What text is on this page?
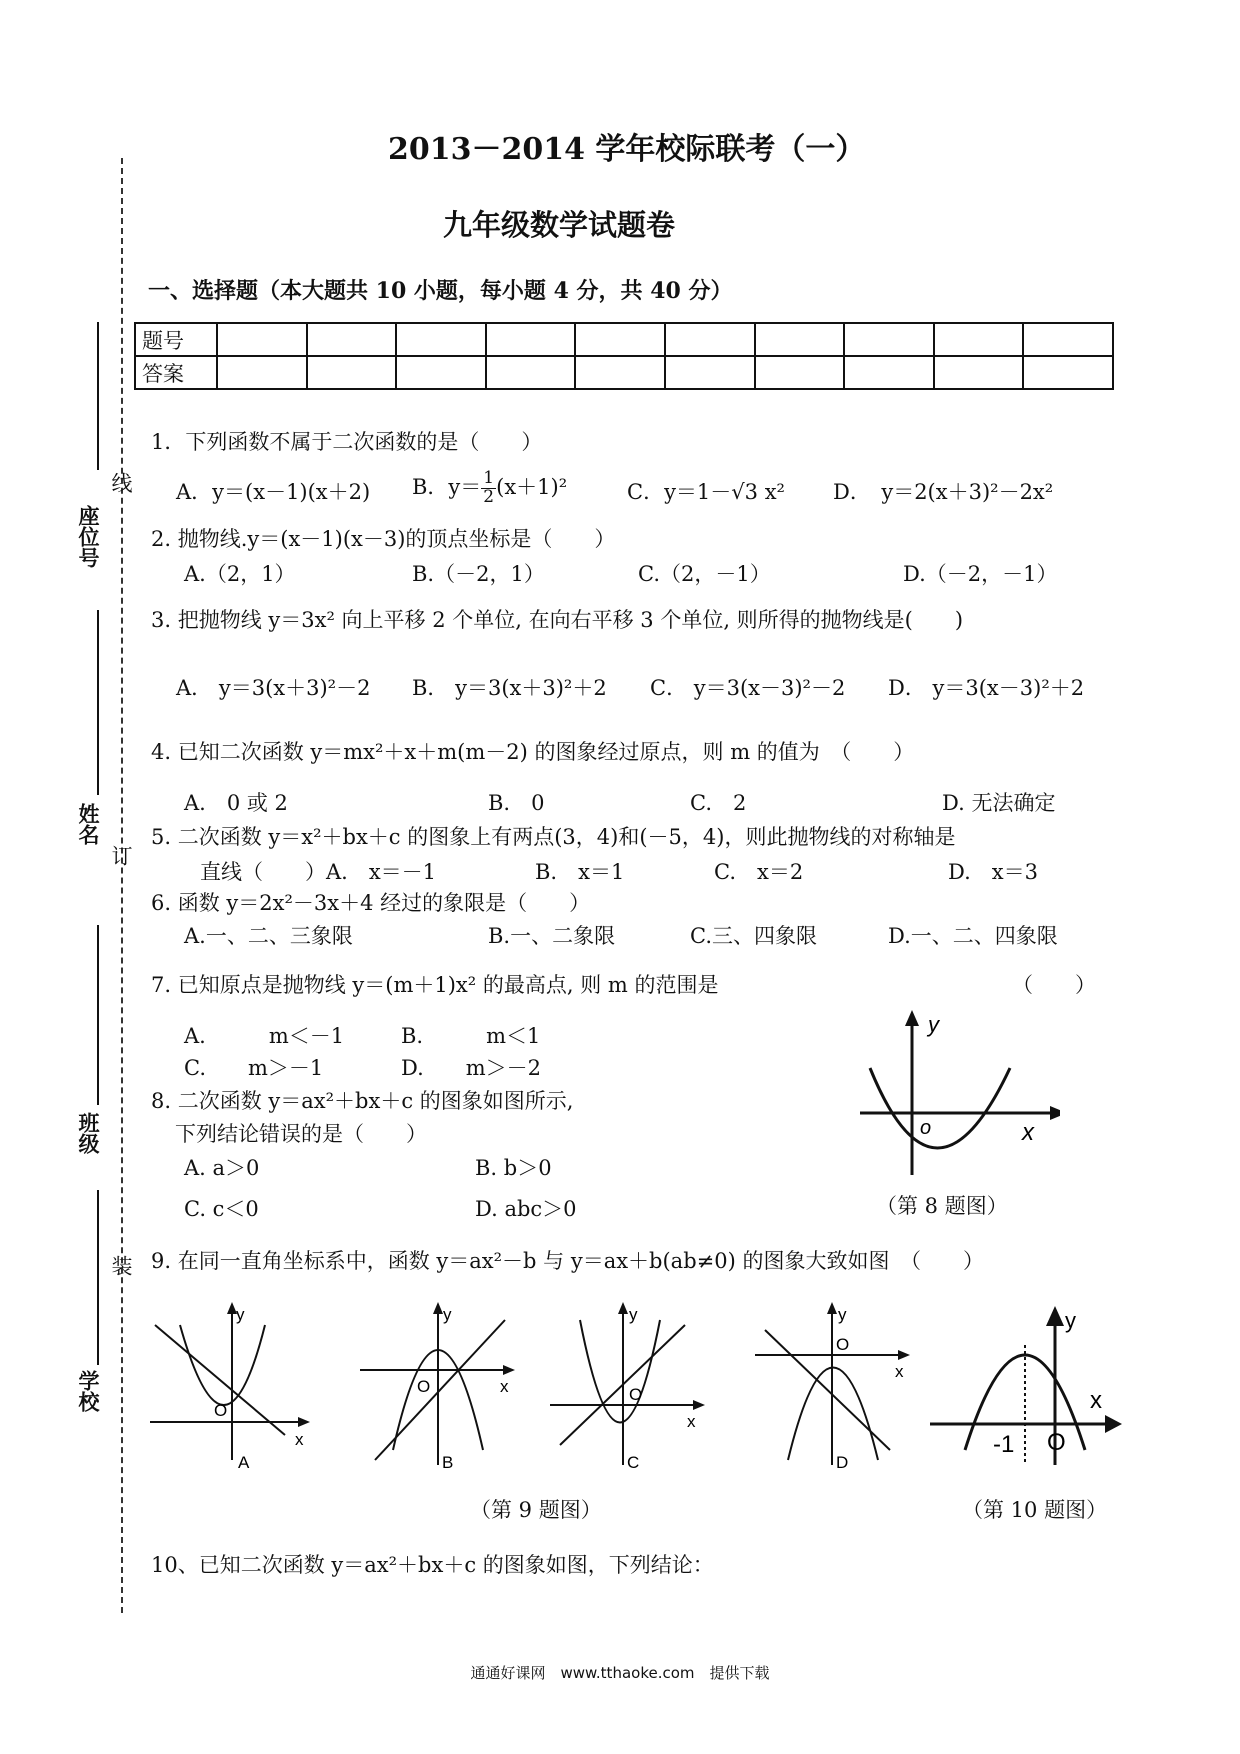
座位号
姓名
班级
学校
线
订
装
2013－2014 学年校际联考（一）
九年级数学试题卷
一、选择题（本大题共 10 小题，每小题 4 分，共 40 分）
题号										
答案										
1．下列函数不属于二次函数的是（　　）
A．y＝(x－1)(x＋2) B．$y= \frac{1}{2} (x+1)^2$	C．y＝1－√3 x² D．　y＝2(x＋3)²－2x²
2. 抛物线.y＝(x－1)(x－3)的顶点坐标是（　　）
A.（2，1）	B.（－2，1）	C.（2，－1）	D.（－2，－1）
3. 把抛物线 y＝3x² 向上平移 2 个单位, 在向右平移 3 个单位, 则所得的抛物线是(　　)
A． y＝3(x＋3)²－2 B． y＝3(x＋3)²＋2 C． y＝3(x－3)²－2 D． y＝3(x－3)²＋2
4. 已知二次函数 y＝mx²＋x＋m(m－2) 的图象经过原点，则 m 的值为　（　　）
A.　0 或 2	B.　0	C.　2	D. 无法确定
5. 二次函数 y＝x²＋bx＋c 的图象上有两点(3，4)和(－5，4)，则此抛物线的对称轴是
直线（　　）A.　x＝－1	B.　x＝1	C.　x＝2	D.　x＝3
6. 函数 y＝2x²－3x＋4 经过的象限是（　　）
A.一、二、三象限	B.一、二象限	C.三、四象限	D.一、二、四象限
7. 已知原点是抛物线 y＝(m＋1)x² 的最高点, 则 m 的范围是	（　　）
A.　　　m＜－1	B.　　　m＜1
C.　　m＞－1	D.　　m＞－2
8. 二次函数 y＝ax²＋bx＋c 的图象如图所示,
下列结论错误的是（　　）
A. a＞0	B. b＞0
C. c＜0	D. abc＞0
y
x
o
（第 8 题图）
9. 在同一直角坐标系中，函数 y＝ax²－b 与 y＝ax＋b(ab≠0) 的图象大致如图　（　　）
y
x
O
A
y
x
O
B
y
x
O
C
y
x
O
D
y
x
-1 O
（第 9 题图）	（第 10 题图）
10、已知二次函数 y＝ax²＋bx＋c 的图象如图，下列结论：
通通好课网　www.tthaoke.com　提供下载
